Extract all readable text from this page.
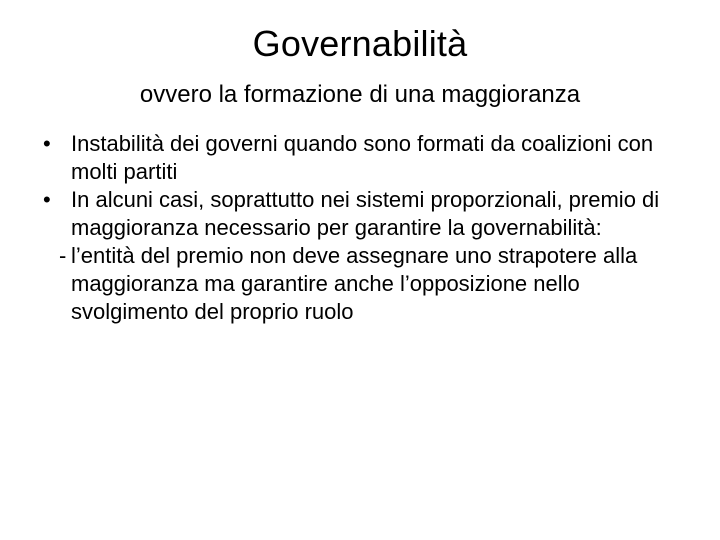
Governabilità

ovvero la formazione di una maggioranza

• Instabilità dei governi quando sono formati da coalizioni con molti partiti

• In alcuni casi, soprattutto nei sistemi proporzionali, premio di maggioranza necessario per garantire la governabilità:

- l’entità del premio non deve assegnare uno strapotere alla maggioranza ma garantire anche l’opposizione nello svolgimento del proprio ruolo
